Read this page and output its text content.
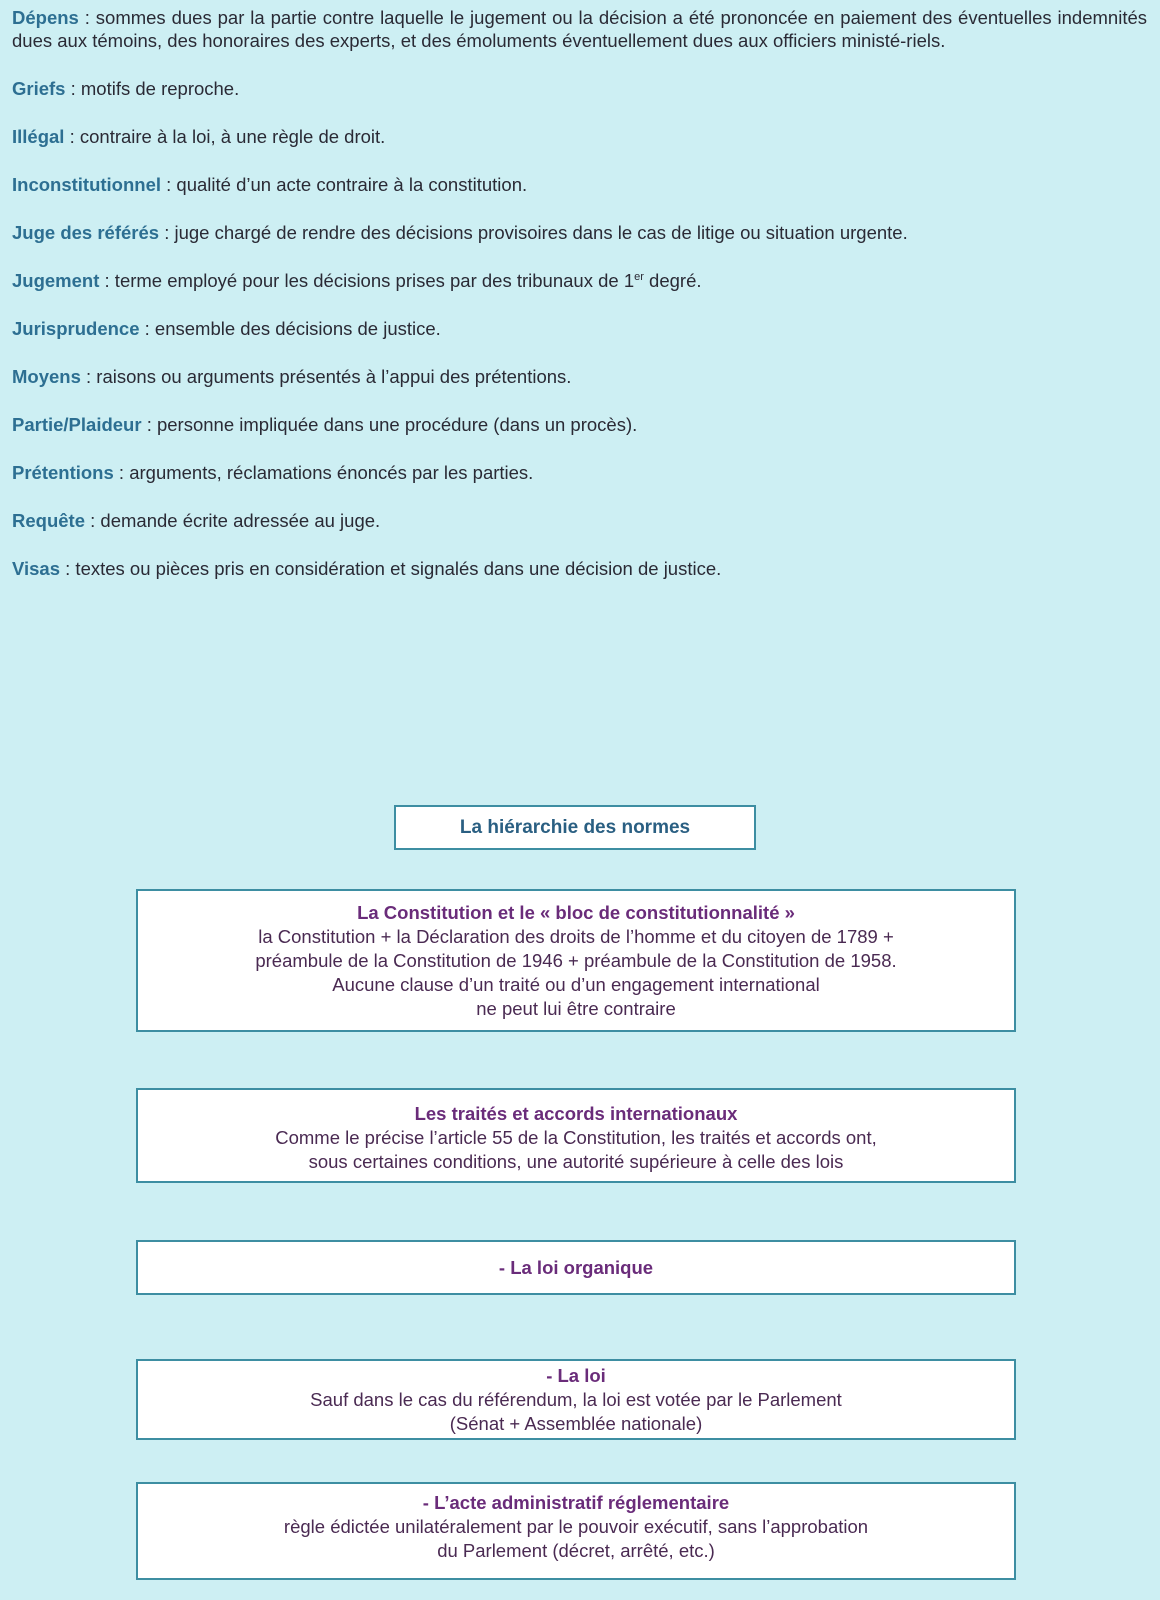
Dépens : sommes dues par la partie contre laquelle le jugement ou la décision a été prononcée en paiement des éventuelles indemnités dues aux témoins, des honoraires des experts, et des émoluments éventuellement dues aux officiers ministé-riels.

Griefs : motifs de reproche.

Illégal : contraire à la loi, à une règle de droit.

Inconstitutionnel : qualité d’un acte contraire à la constitution.

Juge des référés : juge chargé de rendre des décisions provisoires dans le cas de litige ou situation urgente.

Jugement : terme employé pour les décisions prises par des tribunaux de 1er degré.

Jurisprudence : ensemble des décisions de justice.

Moyens : raisons ou arguments présentés à l’appui des prétentions.

Partie/Plaideur : personne impliquée dans une procédure (dans un procès).

Prétentions : arguments, réclamations énoncés par les parties.

Requête : demande écrite adressée au juge.

Visas : textes ou pièces pris en considération et signalés dans une décision de justice.

La hiérarchie des normes
La Constitution et le « bloc de constitutionnalité »
la Constitution + la Déclaration des droits de l’homme et du citoyen de 1789 +
préambule de la Constitution de 1946 + préambule de la Constitution de 1958.
Aucune clause d’un traité ou d’un engagement international
ne peut lui être contraire
Les traités et accords internationaux
Comme le précise l’article 55 de la Constitution, les traités et accords ont,
sous certaines conditions, une autorité supérieure à celle des lois
- La loi organique
- La loi
Sauf dans le cas du référendum, la loi est votée par le Parlement
(Sénat + Assemblée nationale)
- L’acte administratif réglementaire
règle édictée unilatéralement par le pouvoir exécutif, sans l’approbation
du Parlement (décret, arrêté, etc.)
